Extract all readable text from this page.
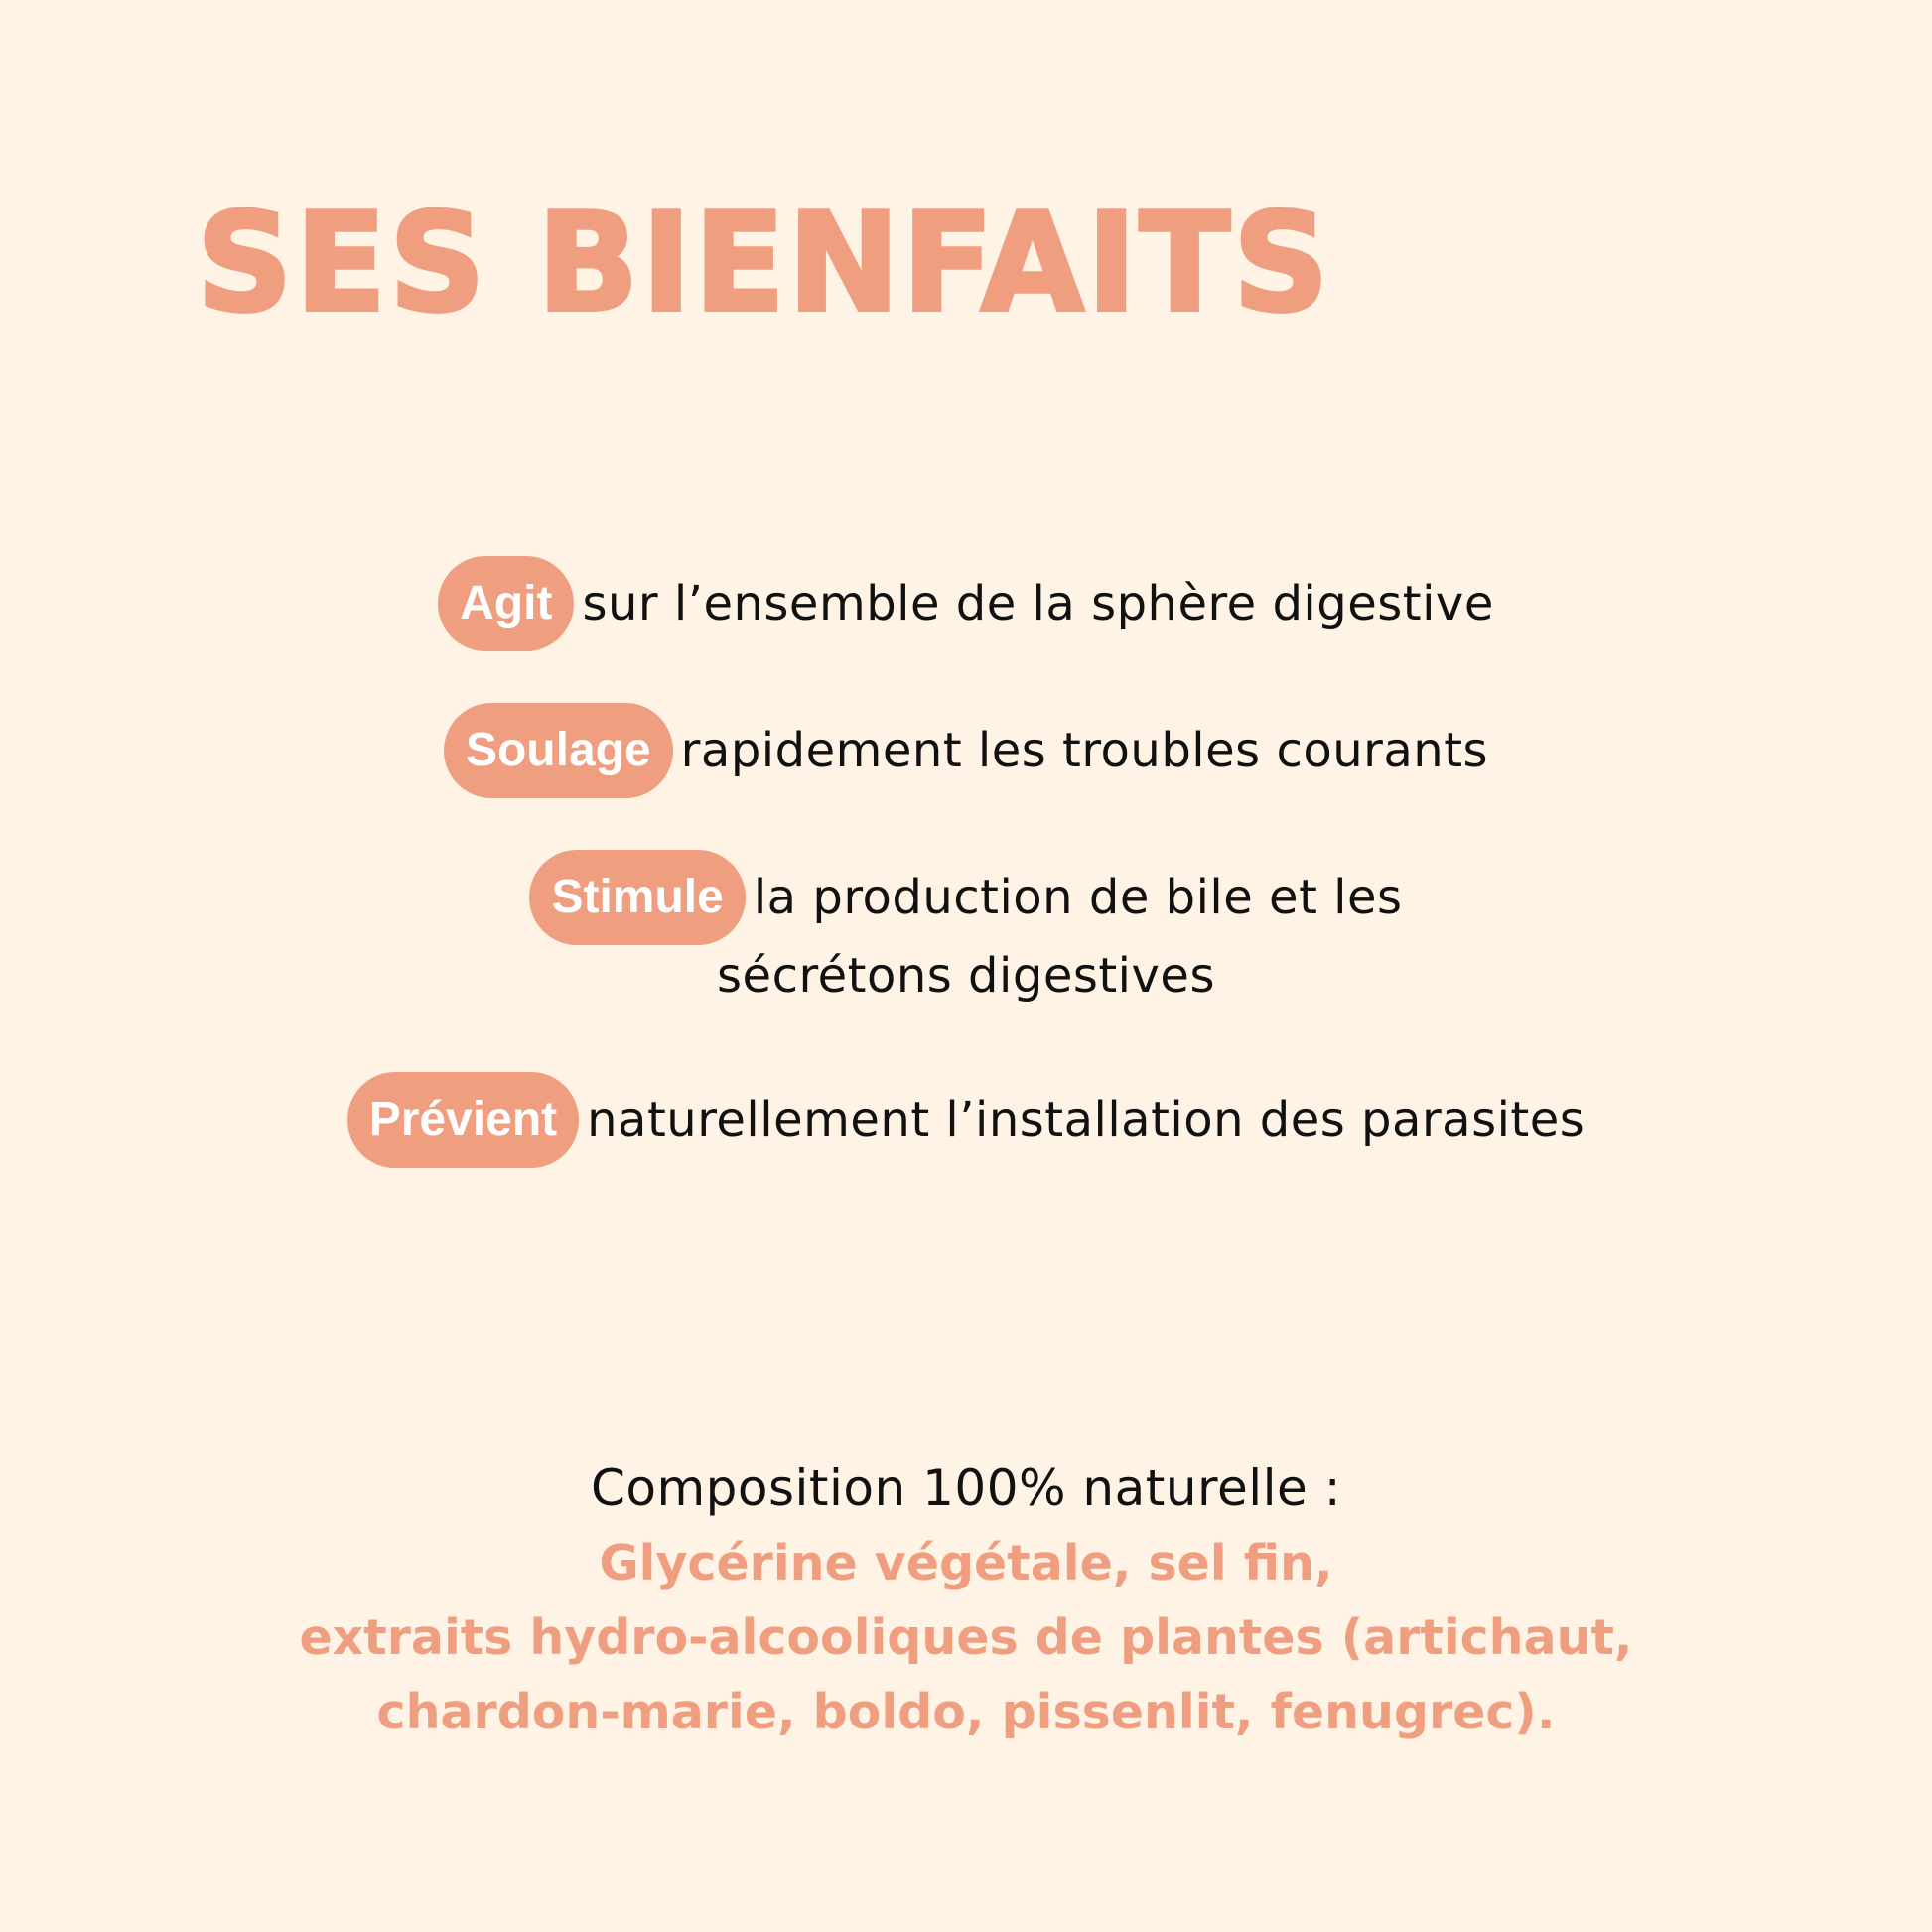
SES BIENFAITS
Agit sur l’ensemble de la sphère digestive
Soulage rapidement les troubles courants
Stimule la production de bile et les
sécrétons digestives
Prévient naturellement l’installation des parasites
Composition 100% naturelle :
Glycérine végétale, sel fin,
extraits hydro-alcooliques de plantes (artichaut,
chardon-marie, boldo, pissenlit, fenugrec).
